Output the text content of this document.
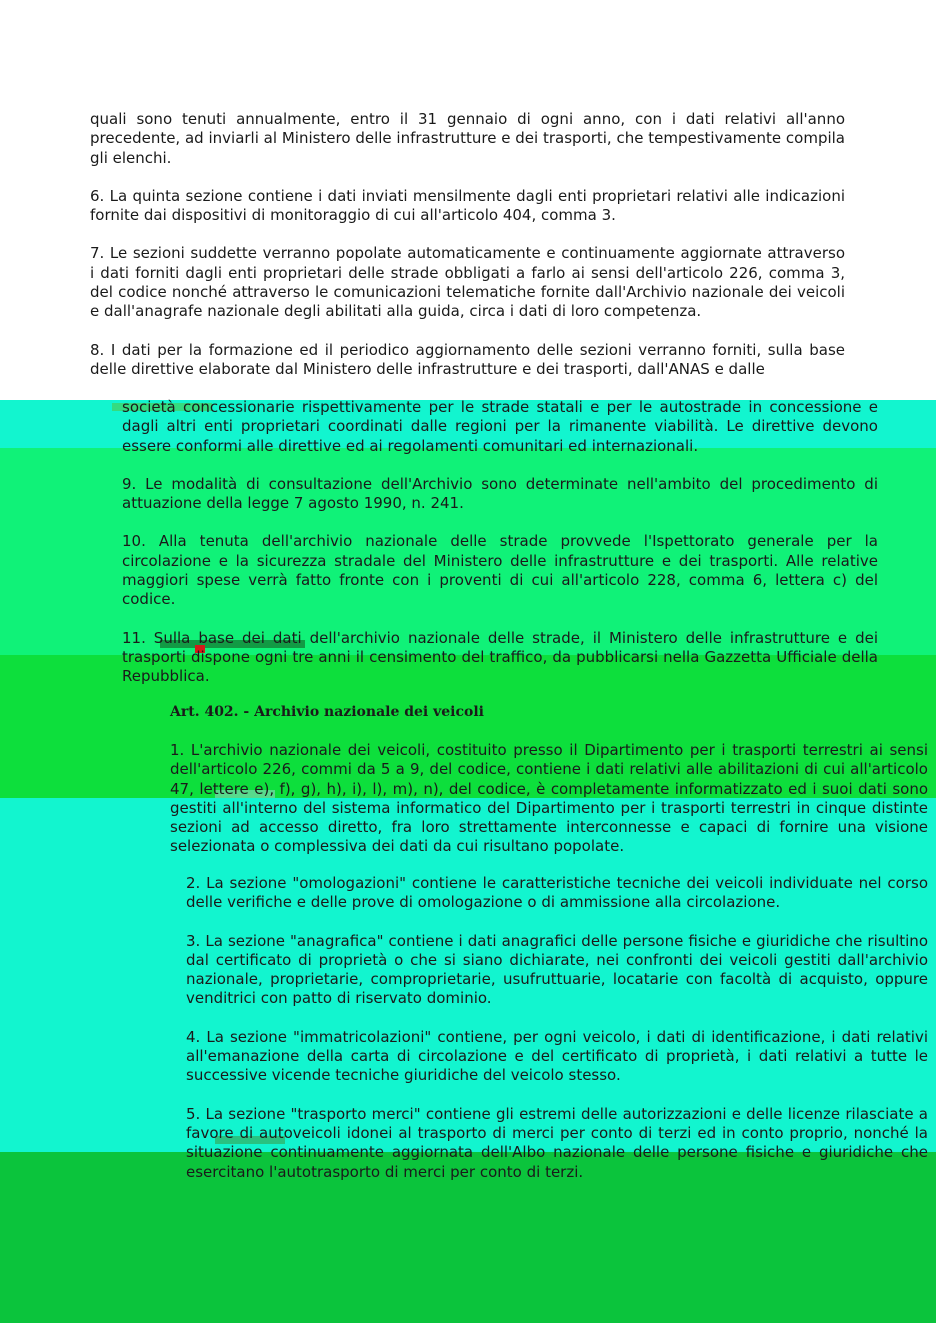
quali sono tenuti annualmente, entro il 31 gennaio di ogni anno, con i dati relativi all'anno precedente, ad inviarli al Ministero delle infrastrutture e dei trasporti, che tempestivamente compila gli elenchi.

6. La quinta sezione contiene i dati inviati mensilmente dagli enti proprietari relativi alle indicazioni fornite dai dispositivi di monitoraggio di cui all'articolo 404, comma 3.

7. Le sezioni suddette verranno popolate automaticamente e continuamente aggiornate attraverso i dati forniti dagli enti proprietari delle strade obbligati a farlo ai sensi dell'articolo 226, comma 3, del codice nonché attraverso le comunicazioni telematiche fornite dall'Archivio nazionale dei veicoli e dall'anagrafe nazionale degli abilitati alla guida, circa i dati di loro competenza.

8. I dati per la formazione ed il periodico aggiornamento delle sezioni verranno forniti, sulla base delle direttive elaborate dal Ministero delle infrastrutture e dei trasporti, dall'ANAS e dalle

società concessionarie rispettivamente per le strade statali e per le autostrade in concessione e dagli altri enti proprietari coordinati dalle regioni per la rimanente viabilità. Le direttive devono essere conformi alle direttive ed ai regolamenti comunitari ed internazionali.

9. Le modalità di consultazione dell'Archivio sono determinate nell'ambito del procedimento di attuazione della legge 7 agosto 1990, n. 241.

10. Alla tenuta dell'archivio nazionale delle strade provvede l'Ispettorato generale per la circolazione e la sicurezza stradale del Ministero delle infrastrutture e dei trasporti. Alle relative maggiori spese verrà fatto fronte con i proventi di cui all'articolo 228, comma 6, lettera c) del codice.

11. Sulla base dei dati dell'archivio nazionale delle strade, il Ministero delle infrastrutture e dei trasporti dispone ogni tre anni il censimento del traffico, da pubblicarsi nella Gazzetta Ufficiale della Repubblica.

Art. 402. - Archivio nazionale dei veicoli

1. L'archivio nazionale dei veicoli, costituito presso il Dipartimento per i trasporti terrestri ai sensi dell'articolo 226, commi da 5 a 9, del codice, contiene i dati relativi alle abilitazioni di cui all'articolo 47, lettere e), f), g), h), i), l), m), n), del codice, è completamente informatizzato ed i suoi dati sono gestiti all'interno del sistema informatico del Dipartimento per i trasporti terrestri in cinque distinte sezioni ad accesso diretto, fra loro strettamente interconnesse e capaci di fornire una visione selezionata o complessiva dei dati da cui risultano popolate.

2. La sezione "omologazioni" contiene le caratteristiche tecniche dei veicoli individuate nel corso delle verifiche e delle prove di omologazione o di ammissione alla circolazione.

3. La sezione "anagrafica" contiene i dati anagrafici delle persone fisiche e giuridiche che risultino dal certificato di proprietà o che si siano dichiarate, nei confronti dei veicoli gestiti dall'archivio nazionale, proprietarie, comproprietarie, usufruttuarie, locatarie con facoltà di acquisto, oppure venditrici con patto di riservato dominio.

4. La sezione "immatricolazioni" contiene, per ogni veicolo, i dati di identificazione, i dati relativi all'emanazione della carta di circolazione e del certificato di proprietà, i dati relativi a tutte le successive vicende tecniche giuridiche del veicolo stesso.

5. La sezione "trasporto merci" contiene gli estremi delle autorizzazioni e delle licenze rilasciate a favore di autoveicoli idonei al trasporto di merci per conto di terzi ed in conto proprio, nonché la situazione continuamente aggiornata dell'Albo nazionale delle persone fisiche e giuridiche che esercitano l'autotrasporto di merci per conto di terzi.
